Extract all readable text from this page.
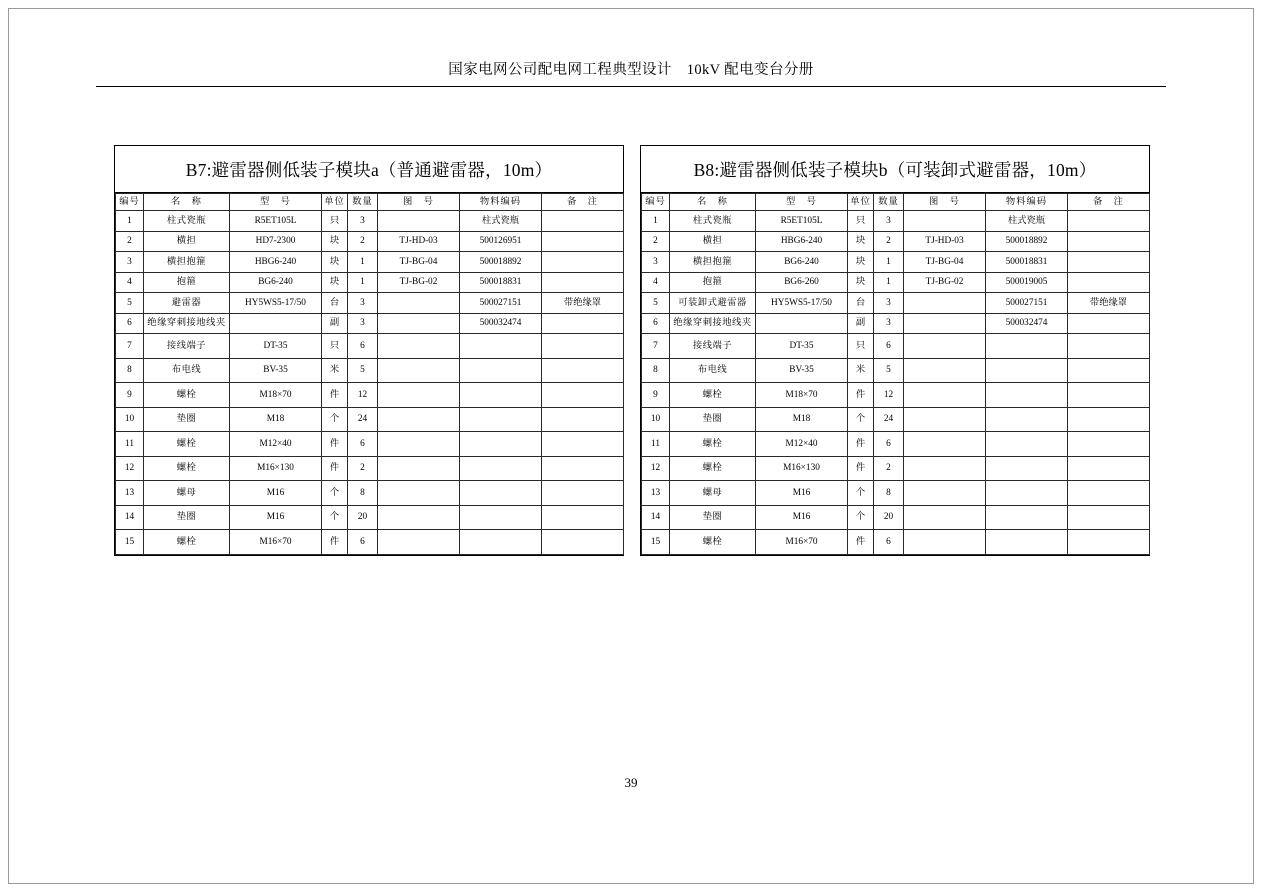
国家电网公司配电网工程典型设计　10kV 配电变台分册
B7:避雷器侧低装子模块a（普通避雷器，10m）
编号	名　称	型　号	单位	数量	图　号	物料编码	备　注
1	柱式瓷瓶	R5ET105L	只	3		柱式瓷瓶	
2	横担	HD7-2300	块	2	TJ-HD-03	500126951	
3	横担抱箍	HBG6-240	块	1	TJ-BG-04	500018892	
4	抱箍	BG6-240	块	1	TJ-BG-02	500018831	
5	避雷器	HY5WS5-17/50	台	3		500027151	带绝缘罩
6	绝缘穿刺接地线夹		副	3		500032474	
7	接线端子	DT-35	只	6			
8	布电线	BV-35	米	5			
9	螺栓	M18×70	件	12			
10	垫圈	M18	个	24			
11	螺栓	M12×40	件	6			
12	螺栓	M16×130	件	2			
13	螺母	M16	个	8			
14	垫圈	M16	个	20			
15	螺栓	M16×70	件	6			
B8:避雷器侧低装子模块b（可装卸式避雷器，10m）
编号	名　称	型　号	单位	数量	图　号	物料编码	备　注
1	柱式瓷瓶	R5ET105L	只	3		柱式瓷瓶	
2	横担	HBG6-240	块	2	TJ-HD-03	500018892	
3	横担抱箍	BG6-240	块	1	TJ-BG-04	500018831	
4	抱箍	BG6-260	块	1	TJ-BG-02	500019005	
5	可装卸式避雷器	HY5WS5-17/50	台	3		500027151	带绝缘罩
6	绝缘穿刺接地线夹		副	3		500032474	
7	接线端子	DT-35	只	6			
8	布电线	BV-35	米	5			
9	螺栓	M18×70	件	12			
10	垫圈	M18	个	24			
11	螺栓	M12×40	件	6			
12	螺栓	M16×130	件	2			
13	螺母	M16	个	8			
14	垫圈	M16	个	20			
15	螺栓	M16×70	件	6			
39
